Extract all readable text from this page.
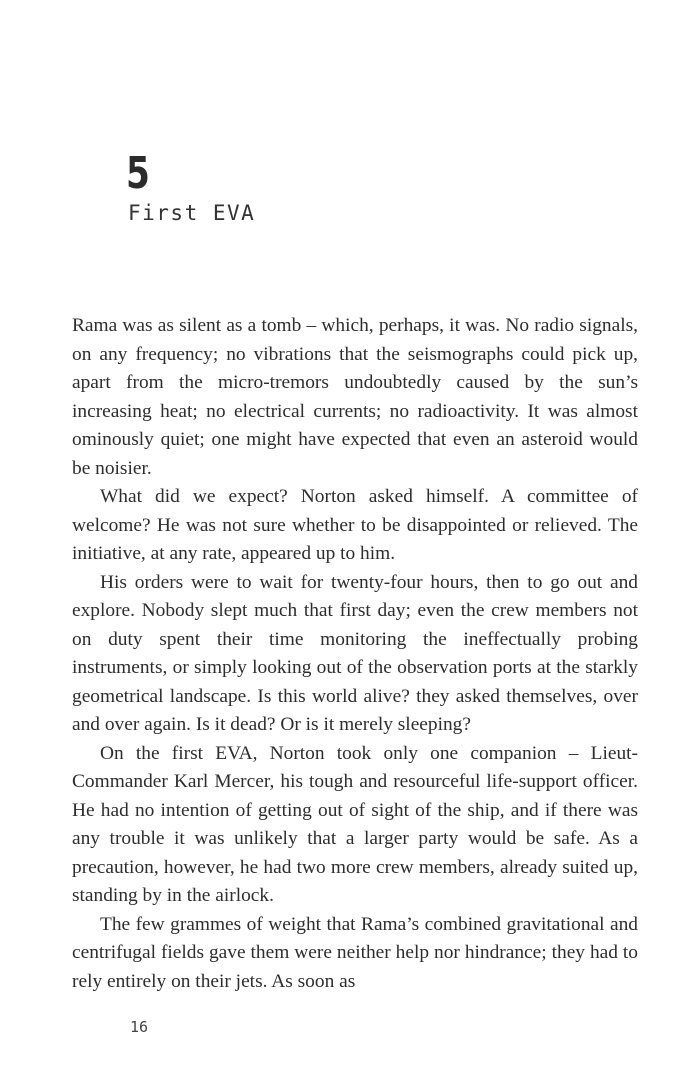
5
First EVA

Rama was as silent as a tomb – which, perhaps, it was. No radio signals, on any frequency; no vibrations that the seismographs could pick up, apart from the micro-tremors undoubtedly caused by the sun’s increasing heat; no electrical currents; no radioactivity. It was almost ominously quiet; one might have expected that even an asteroid would be noisier.

What did we expect? Norton asked himself. A committee of welcome? He was not sure whether to be disappointed or relieved. The initiative, at any rate, appeared up to him.

His orders were to wait for twenty-four hours, then to go out and explore. Nobody slept much that first day; even the crew members not on duty spent their time monitoring the ineffectually probing instruments, or simply looking out of the observation ports at the starkly geometrical landscape. Is this world alive? they asked themselves, over and over again. Is it dead? Or is it merely sleeping?

On the first EVA, Norton took only one companion – Lieut-Commander Karl Mercer, his tough and resourceful life-support officer. He had no intention of getting out of sight of the ship, and if there was any trouble it was unlikely that a larger party would be safe. As a precaution, however, he had two more crew members, already suited up, standing by in the airlock.

The few grammes of weight that Rama’s combined gravitational and centrifugal fields gave them were neither help nor hindrance; they had to rely entirely on their jets. As soon as

16
